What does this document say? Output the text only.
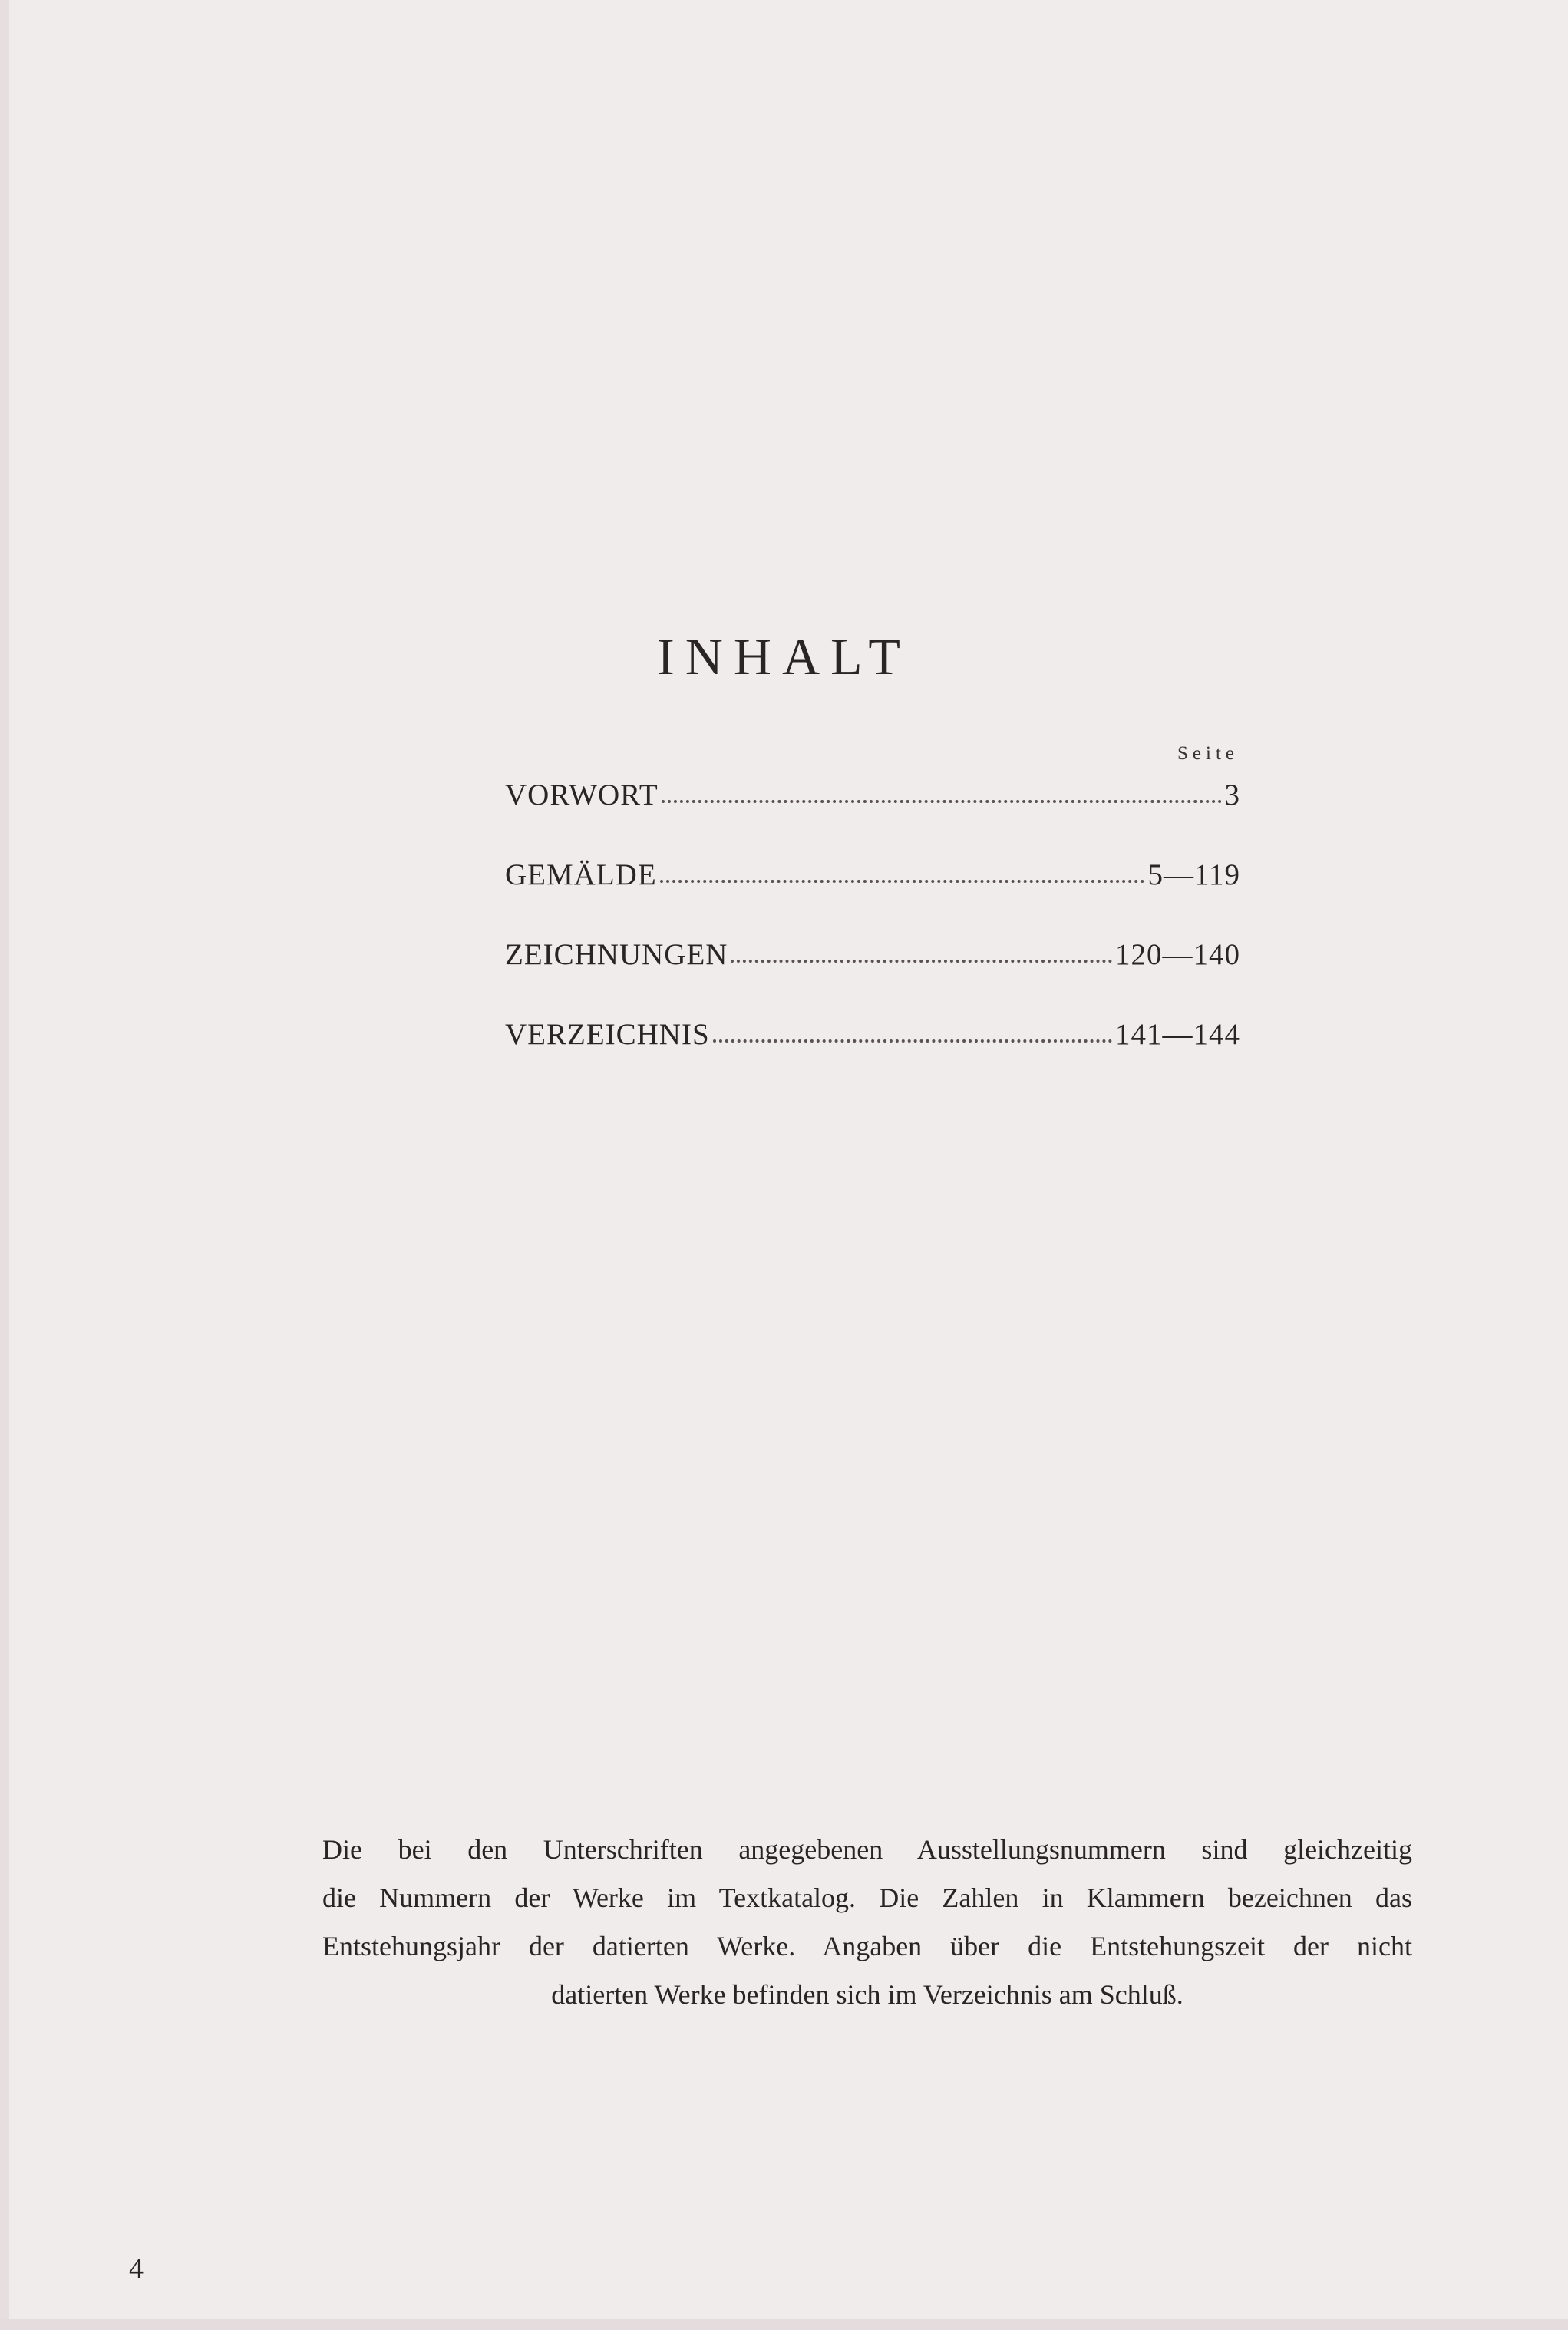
INHALT
Seite
VORWORT	3
GEMÄLDE	5—119
ZEICHNUNGEN	120—140
VERZEICHNIS	141—144
Die bei den Unterschriften angegebenen Ausstellungsnummern sind gleichzeitig
die Nummern der Werke im Textkatalog. Die Zahlen in Klammern bezeichnen das
Entstehungsjahr der datierten Werke. Angaben über die Entstehungszeit der nicht
datierten Werke befinden sich im Verzeichnis am Schluß.
4
